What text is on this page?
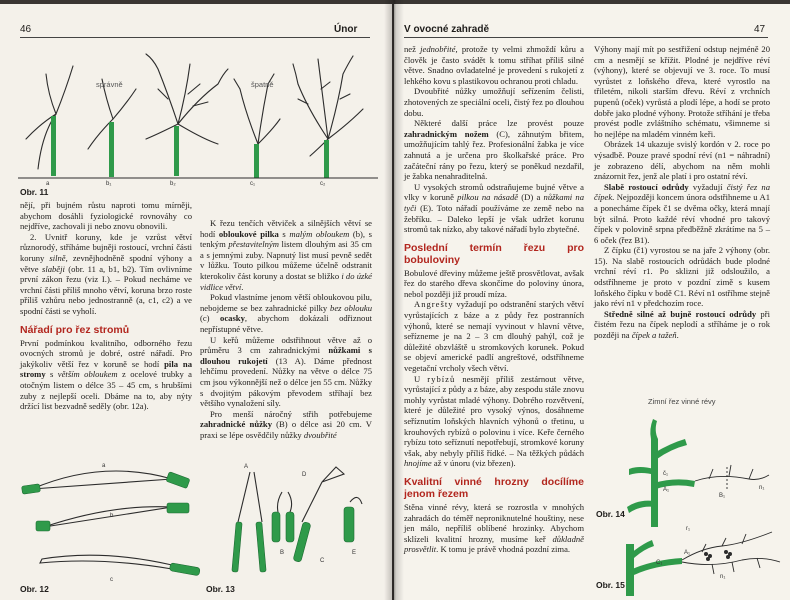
46	Únor
a	b₁	b₂	c₁	c₂
správně	špatně
Obr. 11

nějí, při bujném růstu naproti tomu mírněji, abychom dosáhli fyziologické rovnováhy co nejdříve, zachovali ji nebo znovu obnovili.

2. Uvnitř koruny, kde je vzrůst větví různorodý, stříháme bujněji rostoucí, vrchní části koruny silně, zevnějhodněně spodní výhony a větve slaběji (obr. 11 a, b1, b2). Tím ovlivníme první zákon řezu (viz I.). – Pokud necháme ve vrchní části příliš mnoho větví, koruna brzo roste příliš vzhůru nebo jednostranně (a, c1, c2) a ve spodní části se vyholí.

Nářadí pro řez stromů

První podmínkou kvalitního, odborného řezu ovocných stromů je dobré, ostré nářadí. Pro jakýkoliv větší řez v koruně se hodí pila na stromy s větším obloukem z ocelové trubky a otočným listem o délce 35 – 45 cm, s hrubšími zuby z nejlepší oceli. Dbáme na to, aby nýty držící list bezvadně seděly (obr. 12a).

K řezu tenčích větviček a silnějších větví se hodí obloukové pilka s malým obloukem (b), s tenkým přestavitelným listem dlouhým asi 35 cm a s jemnými zuby. Napnutý list musí pevně sedět v lůžku. Touto pilkou můžeme účelně odstranit kterokoliv část koruny a dostat se bližko i do úzké vidlice větví.

Pokud vlastníme jenom větší obloukovou pilu, nebojdeme se bez zahradnické pilky bez oblouku (c) ocasky, abychom dokázali odřiznout nepřístupné větve.

U keřů můžeme odstřihnout větve až o průměru 3 cm zahradnickými nůžkami s dlouhou rukojetí (13 A). Dáme přednost lehčímu provedení. Nůžky na větve o délce 75 cm jsou výkonnější než o délce jen 55 cm. Nůžky s dvojitým pákovým převodem stříhají bez většího vynaložení síly.

Pro menší náročný střih potřebujeme zahradnické nůžky (B) o délce asi 20 cm. V praxi se lépe osvědčily nůžky dvoubřité

a
b
c
Obr. 12
A
B
C
D
E
Obr. 13
V ovocné zahradě	47

než jednobřité, protože ty velmi zhmoždí kůru a člověk je často svádět k tomu stříhat příliš silné větve. Snadno ovladatelné je provedení s rukojetí z lehkého kovu s plastikovou ochranou proti chladu.

Dvoubřité nůžky umožňují seřízením čelisti, zhotovených ze speciální oceli, čistý řez po dlouhou dobu.

Některé další práce lze provést pouze zahradnickým nožem (C), záhnutým břitem, umožňujícím tahlý řez. Profesionální žabka je více zahnutá a je určena pro školkařské práce. Pro začáteční rány po řezu, který se poněkud nezdařil, je žabka nenahraditelná.

U vysokých stromů odstraňujeme bujné větve a vlky v koruně pilkou na násadě (D) a nůžkami na tyči (E). Toto nářadí používáme ze země nebo na žebříku. – Daleko lepší je však udržet korunu stromů tak nízko, aby takové nářadí bylo zbytečné.

Poslední termín řezu pro bobuloviny

Bobulové dřeviny můžeme ještě prosvětlovat, avšak řez do starého dřeva skončíme do poloviny února, nebol později již proudí míza.

Angrešty vyžadují po odstranění starých větví vyrůstajících z báze a z půdy řez postranních výhonů, které se nemají vyvinout v hlavní větve, seřízneme je na 2 – 3 cm dlouhý pahýl, což je důležité obzvláště u stromkových korunek. Pokud se objeví americké padlí angreštové, odstříhneme vegetační vrcholy všech větví.

U rybízů nesmějí příliš zestárnout větve, vyrůstající z půdy a z báze, aby zespodu stále znovu mohly vyrůstat mladé výhony. Dobrého rozvětvení, které je důležité pro vysoký výnos, dosáhneme seříznutím loňských hlavních výhonů o třetinu, u krouhových rybízů o polovinu i více. Keře černého rybízu toto seříznutí nepotřebují, stromkové koruny však, aby nebyly příliš řídké. – Na těžkých půdách hnojíme až v únoru (viz březen).

Kvalitní vinné hrozny docílíme jenom řezem

Stěna vinné révy, která se rozrostla v mnohých zahradách do téměř neproniknutelné houštiny, nese jen málo, nepříliš oblíbené hrozinky. Abychom sklízeli kvalitní hrozny, musíme keř důkladně prosvětlit. K tomu je právě vhodná pozdní zima.

Výhony mají mít po sestřižení odstup nejméně 20 cm a nesmějí se křížit. Plodné je nejdříve réví (výhony), které se objevují ve 3. roce. To musí vyrůstet z loňského dřeva, které vyrostlo na třiletém, nikoli starším dřevu. Réví z vrchních pupenů (oček) vyrůstá a plodí lépe, a hodí se proto dobře jako plodné výhony. Protože stříhání je třeba provést podle zvláštního schématu, všimneme si ho nejlépe na mladém vinném keři.

Obrázek 14 ukazuje svislý kordón v 2. roce po výsadbě. Pouze pravé spodní réví (n1 = náhradní) je zobrazeno délí, abychom na něm mohli znázornit řez, jenž ale platí i pro ostatní réví.

Slabě rostoucí odrůdy vyžadují čistý řez na čípek. Nejpozději koncem února odstřihneme u A1 a ponecháme čípek č1 se dvěma očky, která mnají být silná. Proto každé réví vhodné pro takový čípek v polovině srpna předběžně zkrátíme na 5 – 6 oček (řez B1).

Z čípku (č1) vyrostou se na jaře 2 výhony (obr. 15). Na slabě rostoucích odrůdách bude plodné vrchní réví r1. Po sklizni již odsloužilo, a odstříhneme je proto v pozdní zimě s kusem loňského čípku v bodě C1. Réví n1 ostříhme stejně jako réví n1 v předchozím roce.

Středně silné až bujně rostoucí odrůdy při čistém řezu na čípek neplodí a stříháme je o rok později na čípek a tažeň.

Zimní řez vinné révy
A₁
B₁
č₁
n₁
Obr. 14
r₁
C₁
A₁
n₁
Obr. 15
